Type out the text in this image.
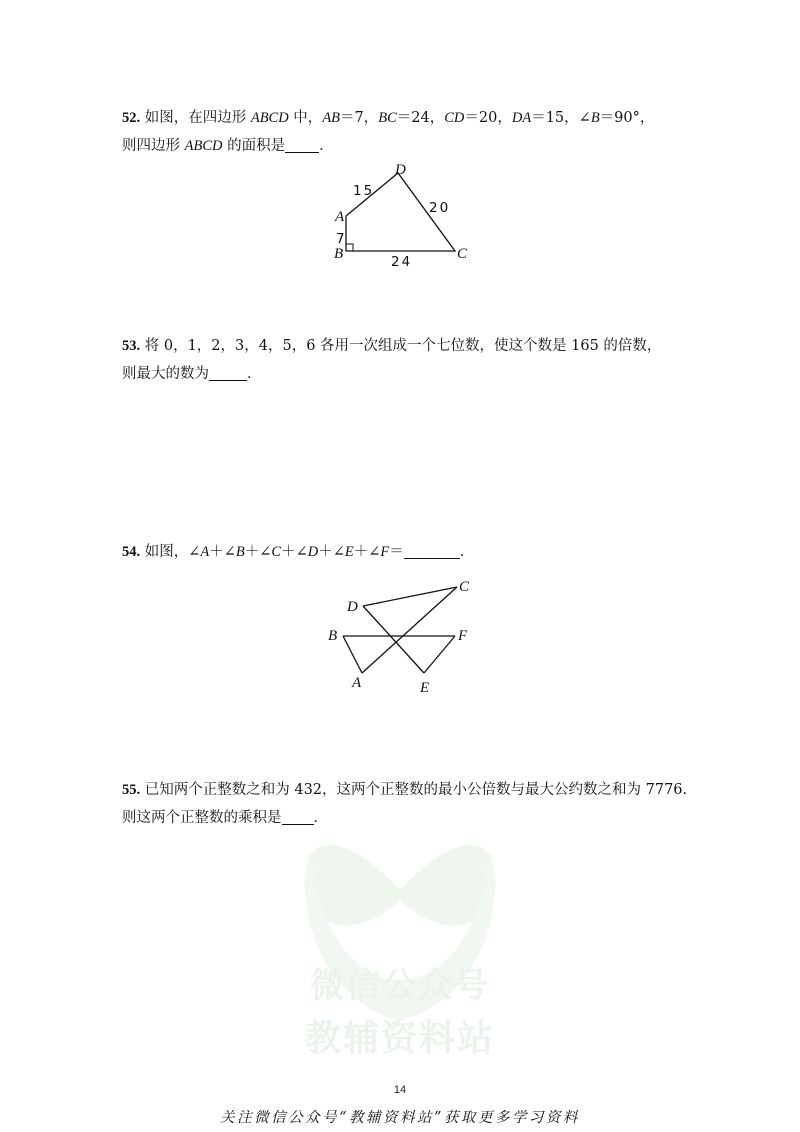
微信公众号
教辅资料站
52. 如图，在四边形 ABCD 中，AB＝7，BC＝24，CD＝20，DA＝15，∠B＝90°，
则四边形 ABCD 的面积是 ．
A
B	C
D
7
24
20
15
53. 将 0，1，2，3，4，5，6 各用一次组成一个七位数，使这个数是 165 的倍数，
则最大的数为	．
54. 如图，∠A＋∠B＋∠C＋∠D＋∠E＋∠F＝	．
A
B
C
D
E
F
55. 已知两个正整数之和为 432，这两个正整数的最小公倍数与最大公约数之和为 7776.
则这两个正整数的乘积是 ．
14
关注微信公众号“教辅资料站”获取更多学习资料
